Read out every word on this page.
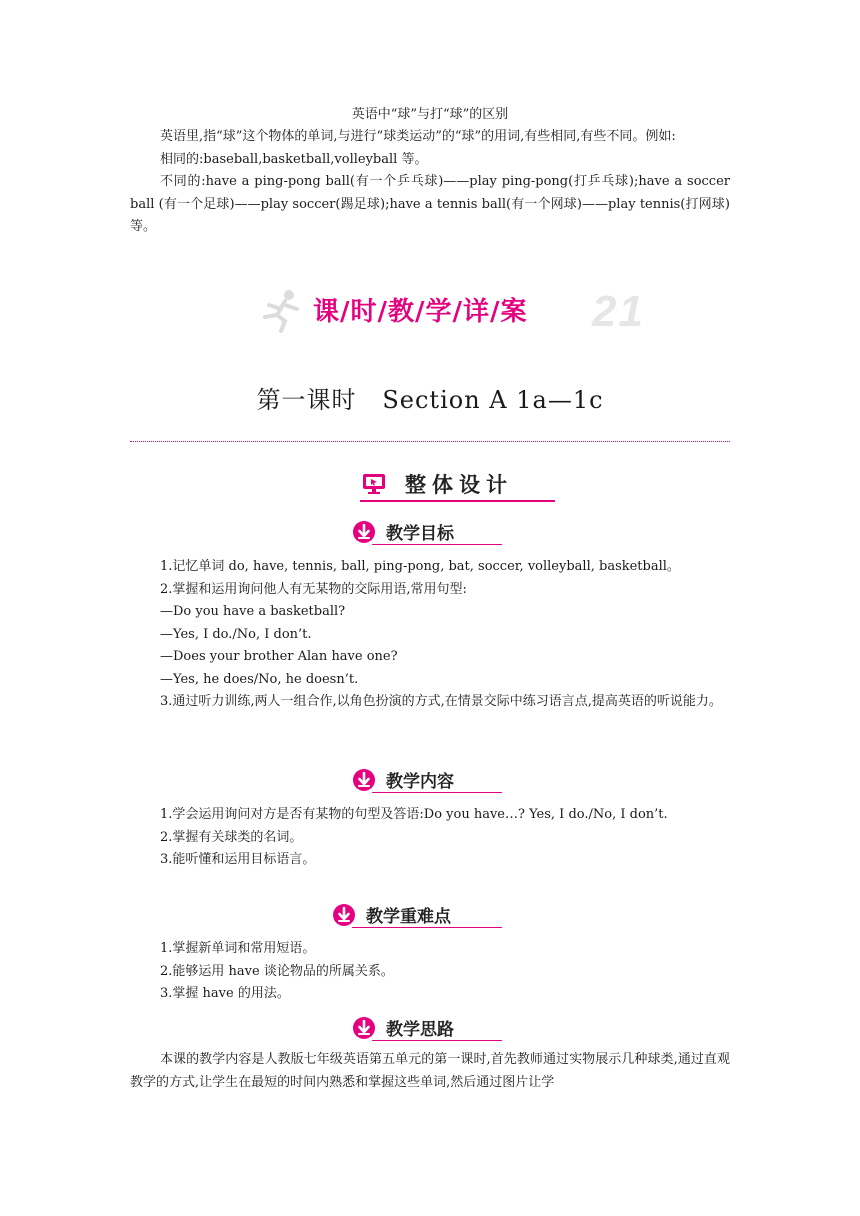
英语中“球”与打“球”的区别

英语里,指“球”这个物体的单词,与进行“球类运动”的“球”的用词,有些相同,有些不同。例如:

相同的:baseball,basketball,volleyball 等。

不同的:have a ping-pong ball(有一个乒乓球)——play ping-pong(打乒乓球);have a soccer ball (有一个足球)——play soccer(踢足球);have a tennis ball(有一个网球)——play tennis(打网球)等。

21
课/时/教/学/详/案
第一课时   Section A 1a—1c
整体设计
教学目标

1.记忆单词 do, have, tennis, ball, ping-pong, bat, soccer, volleyball, basketball。

2.掌握和运用询问他人有无某物的交际用语,常用句型:

—Do you have a basketball?

—Yes, I do./No, I don’t.

—Does your brother Alan have one?

—Yes, he does/No, he doesn’t.

3.通过听力训练,两人一组合作,以角色扮演的方式,在情景交际中练习语言点,提高英语的听说能力。

教学内容

1.学会运用询问对方是否有某物的句型及答语:Do you have…? Yes, I do./No, I don’t.

2.掌握有关球类的名词。

3.能听懂和运用目标语言。

教学重难点

1.掌握新单词和常用短语。

2.能够运用 have 谈论物品的所属关系。

3.掌握 have 的用法。

教学思路

本课的教学内容是人教版七年级英语第五单元的第一课时,首先教师通过实物展示几种球类,通过直观教学的方式,让学生在最短的时间内熟悉和掌握这些单词,然后通过图片让学
